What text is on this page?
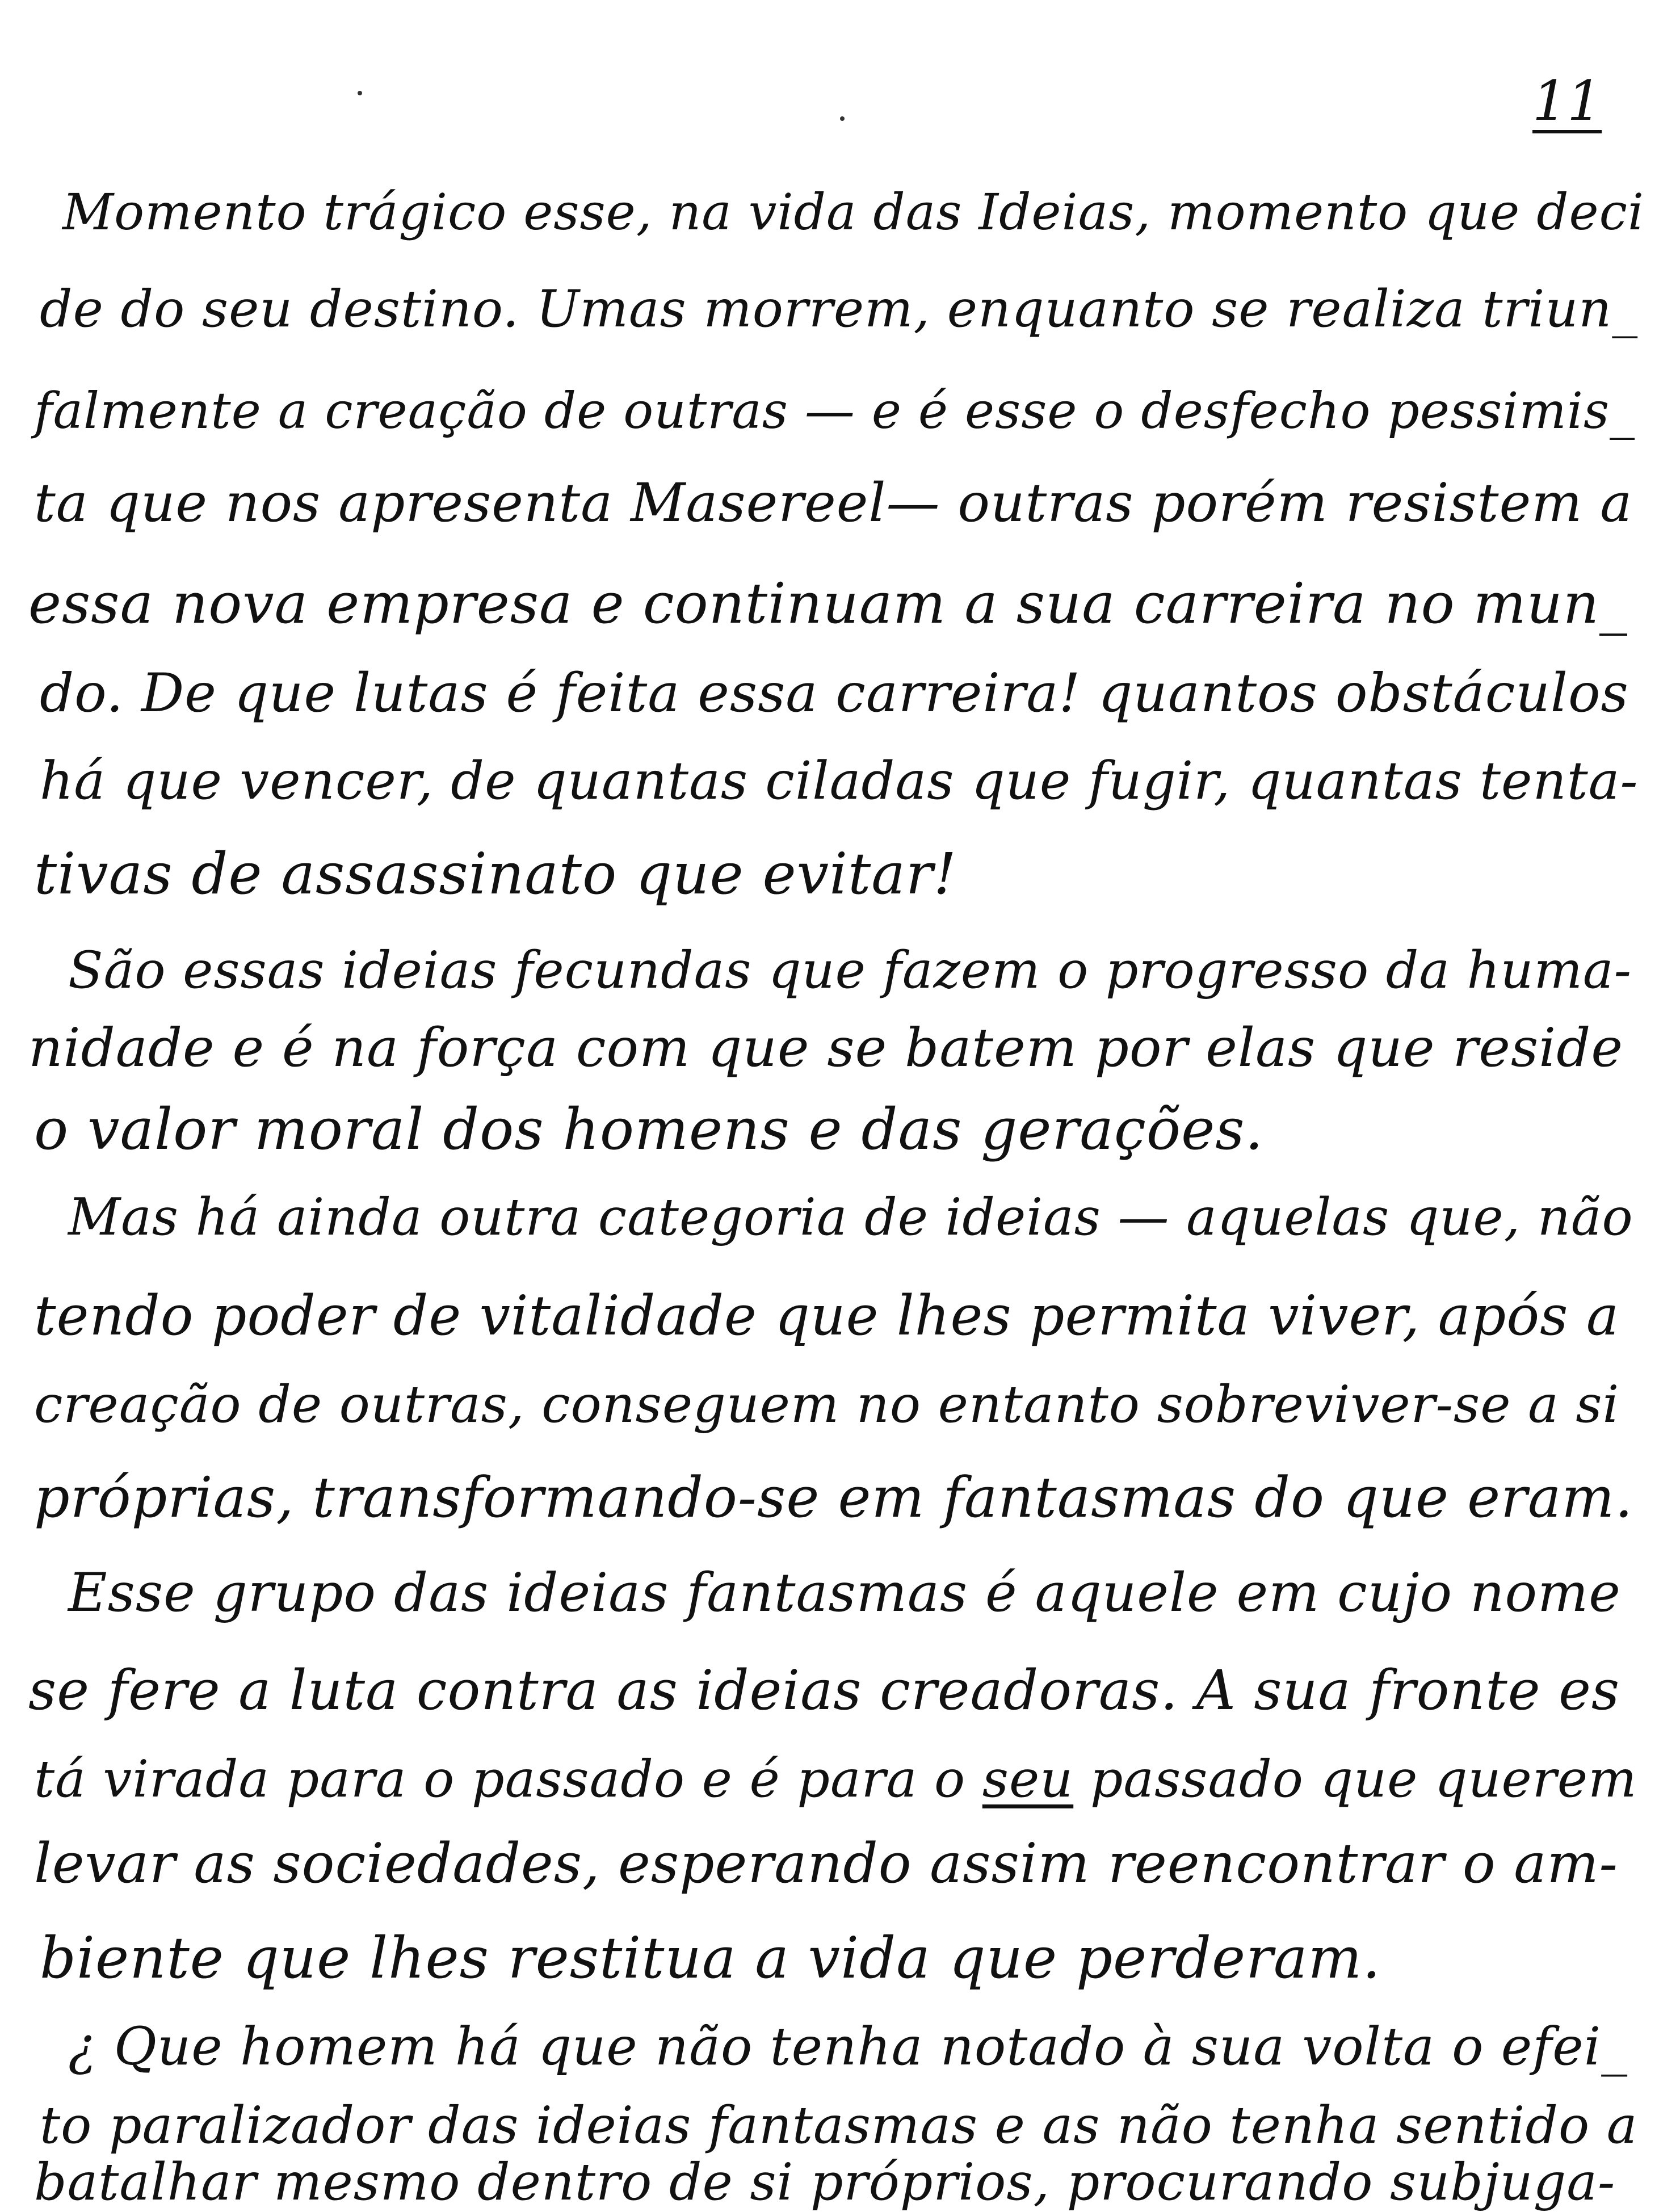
11
Momento trágico esse, na vida das Ideias, momento que deci
de do seu destino. Umas morrem, enquanto se realiza triun_
falmente a creação de outras — e é esse o desfecho pessimis_
ta que nos apresenta Masereel— outras porém resistem a
essa nova empresa e continuam a sua carreira no mun_
do. De que lutas é feita essa carreira! quantos obstáculos
há que vencer, de quantas ciladas que fugir, quantas tenta-
tivas de assassinato que evitar!
São essas ideias fecundas que fazem o progresso da huma-
nidade e é na força com que se batem por elas que reside
o valor moral dos homens e das gerações.
Mas há ainda outra categoria de ideias — aquelas que, não
tendo poder de vitalidade que lhes permita viver, após a
creação de outras, conseguem no entanto sobreviver-se a si
próprias, transformando-se em fantasmas do que eram.
Esse grupo das ideias fantasmas é aquele em cujo nome
se fere a luta contra as ideias creadoras. A sua fronte es
tá virada para o passado e é para o seu passado que querem
levar as sociedades, esperando assim reencontrar o am-
biente que lhes restitua a vida que perderam.
¿ Que homem há que não tenha notado à sua volta o efei_
to paralizador das ideias fantasmas e as não tenha sentido a
batalhar mesmo dentro de si próprios, procurando subjuga-
